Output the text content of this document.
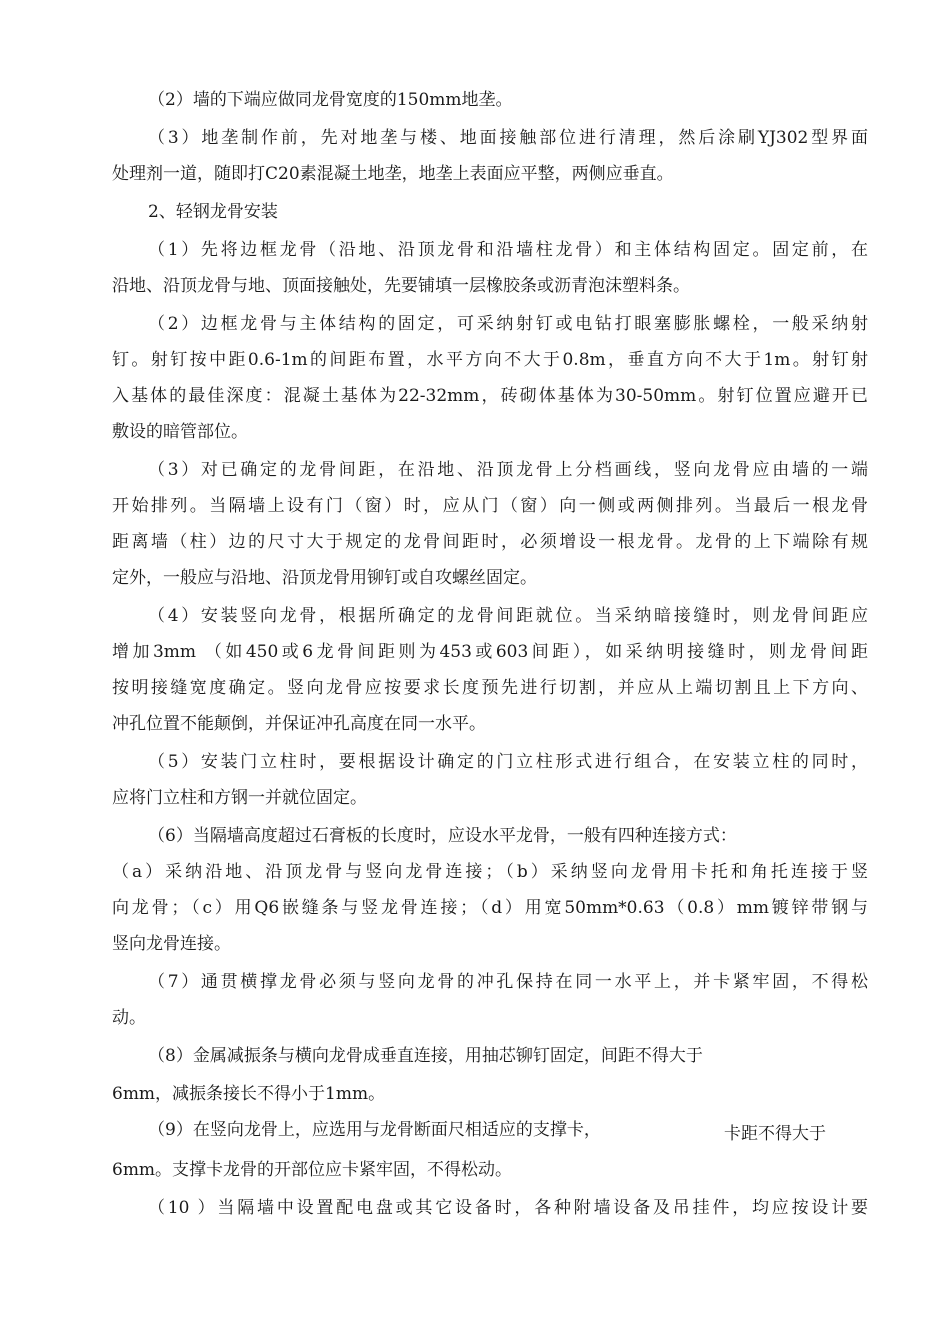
（2）墙的下端应做同龙骨宽度的150mm地垄。
（3）地垄制作前，先对地垄与楼、地面接触部位进行清理，然后涂刷YJ302型界面
处理剂一道，随即打C20素混凝土地垄，地垄上表面应平整，两侧应垂直。
2、轻钢龙骨安装
（1）先将边框龙骨（沿地、沿顶龙骨和沿墙柱龙骨）和主体结构固定。固定前，在
沿地、沿顶龙骨与地、顶面接触处，先要铺填一层橡胶条或沥青泡沫塑料条。
（2）边框龙骨与主体结构的固定，可采纳射钉或电钻打眼塞膨胀螺栓，一般采纳射
钉。射钉按中距0.6-1m的间距布置，水平方向不大于0.8m，垂直方向不大于1m。射钉射
入基体的最佳深度：混凝土基体为22-32mm，砖砌体基体为30-50mm。射钉位置应避开已
敷设的暗管部位。
（3）对已确定的龙骨间距，在沿地、沿顶龙骨上分档画线，竖向龙骨应由墙的一端
开始排列。当隔墙上设有门（窗）时，应从门（窗）向一侧或两侧排列。当最后一根龙骨
距离墙（柱）边的尺寸大于规定的龙骨间距时，必须增设一根龙骨。龙骨的上下端除有规
定外，一般应与沿地、沿顶龙骨用铆钉或自攻螺丝固定。
（4）安装竖向龙骨，根据所确定的龙骨间距就位。当采纳暗接缝时，则龙骨间距应
增加3mm （如450或6龙骨间距则为453或603间距），如采纳明接缝时，则龙骨间距
按明接缝宽度确定。竖向龙骨应按要求长度预先进行切割，并应从上端切割且上下方向、
冲孔位置不能颠倒，并保证冲孔高度在同一水平。
（5）安装门立柱时，要根据设计确定的门立柱形式进行组合，在安装立柱的同时，
应将门立柱和方钢一并就位固定。
（6）当隔墙高度超过石膏板的长度时，应设水平龙骨，一般有四种连接方式：
（a）采纳沿地、沿顶龙骨与竖向龙骨连接；（b）采纳竖向龙骨用卡托和角托连接于竖
向龙骨；（c）用Q6嵌缝条与竖龙骨连接；（d）用宽50mm*0.63（0.8）mm镀锌带钢与
竖向龙骨连接。
（7）通贯横撑龙骨必须与竖向龙骨的冲孔保持在同一水平上，并卡紧牢固，不得松
动。
（8）金属减振条与横向龙骨成垂直连接，用抽芯铆钉固定，间距不得大于
6mm，减振条接长不得小于1mm。
（9）在竖向龙骨上，应选用与龙骨断面尺相适应的支撑卡，	卡距不得大于
6mm。支撑卡龙骨的开部位应卡紧牢固，不得松动。
（10 ）当隔墙中设置配电盘或其它设备时，各种附墙设备及吊挂件，均应按设计要
